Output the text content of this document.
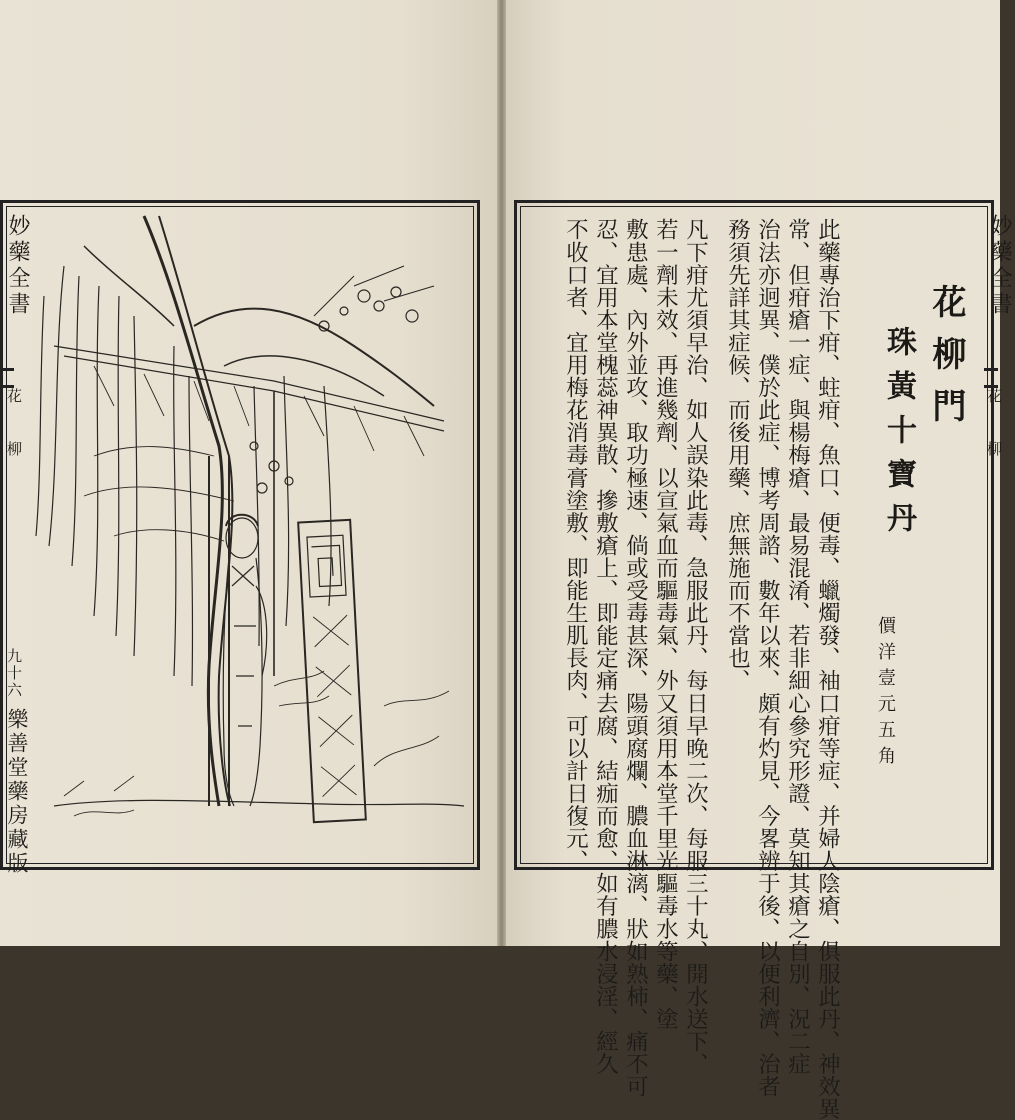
妙藥全書
花 柳
九十六
樂善堂藥房藏版
妙藥全書
花 柳
花柳門
珠黃十寶丹
價洋壹元五角
此藥專治下疳、蛀疳、魚口、便毒、蠟燭發、袖口疳等症、并婦人陰瘡、俱服此丹、神效異
常、但疳瘡一症、與楊梅瘡、最易混淆、若非細心參究形證、莫知其瘡之自別、況二症
治法亦迥異、僕於此症、博考周諮、數年以來、頗有灼見、今畧辨于後、以便利濟、治者
務須先詳其症候、而後用藥、庶無施而不當也、
凡下疳尤須早治、如人誤染此毒、急服此丹、每日早晚二次、每服三十丸、開水送下、
若一劑未效、再進幾劑、以宣氣血而驅毒氣、外又須用本堂千里光驅毒水等藥、塗
敷患處、內外並攻、取功極速、倘或受毒甚深、陽頭腐爛、膿血淋漓、狀如熟柿、痛不可
忍、宜用本堂槐蕊神異散、摻敷瘡上、即能定痛去腐、結痂而愈、如有膿水浸淫、經久
不收口者、宜用梅花消毒膏塗敷、即能生肌長肉、可以計日復元、
